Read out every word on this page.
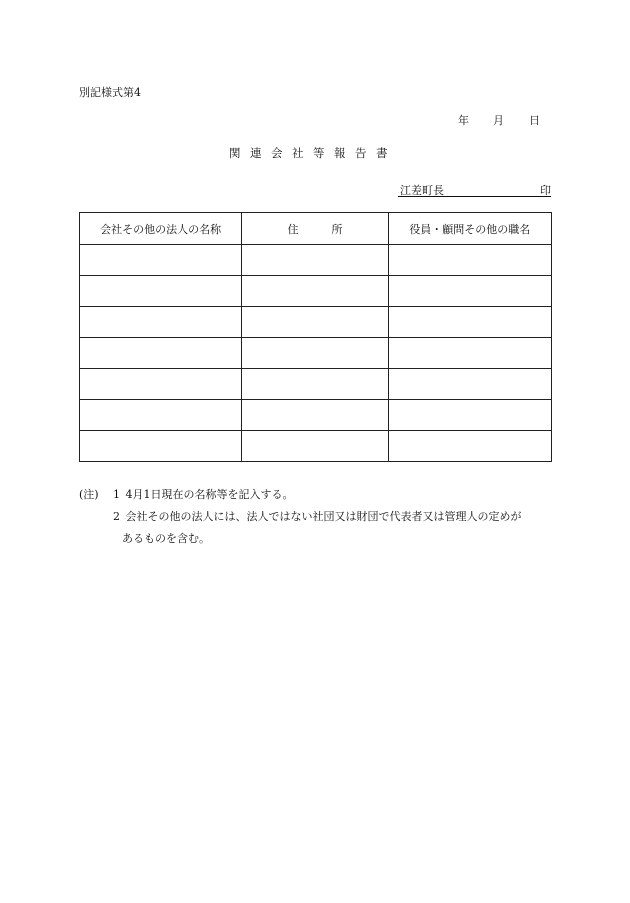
別記様式第4
年 月 日
関連会社等報告書
江差町長	印
会社その他の法人の名称	住　　　所	役員・顧問その他の職名

(注) 1 4月1日現在の名称等を記入する。
2 会社その他の法人には、法人ではない社団又は財団で代表者又は管理人の定めが
あるものを含む。
